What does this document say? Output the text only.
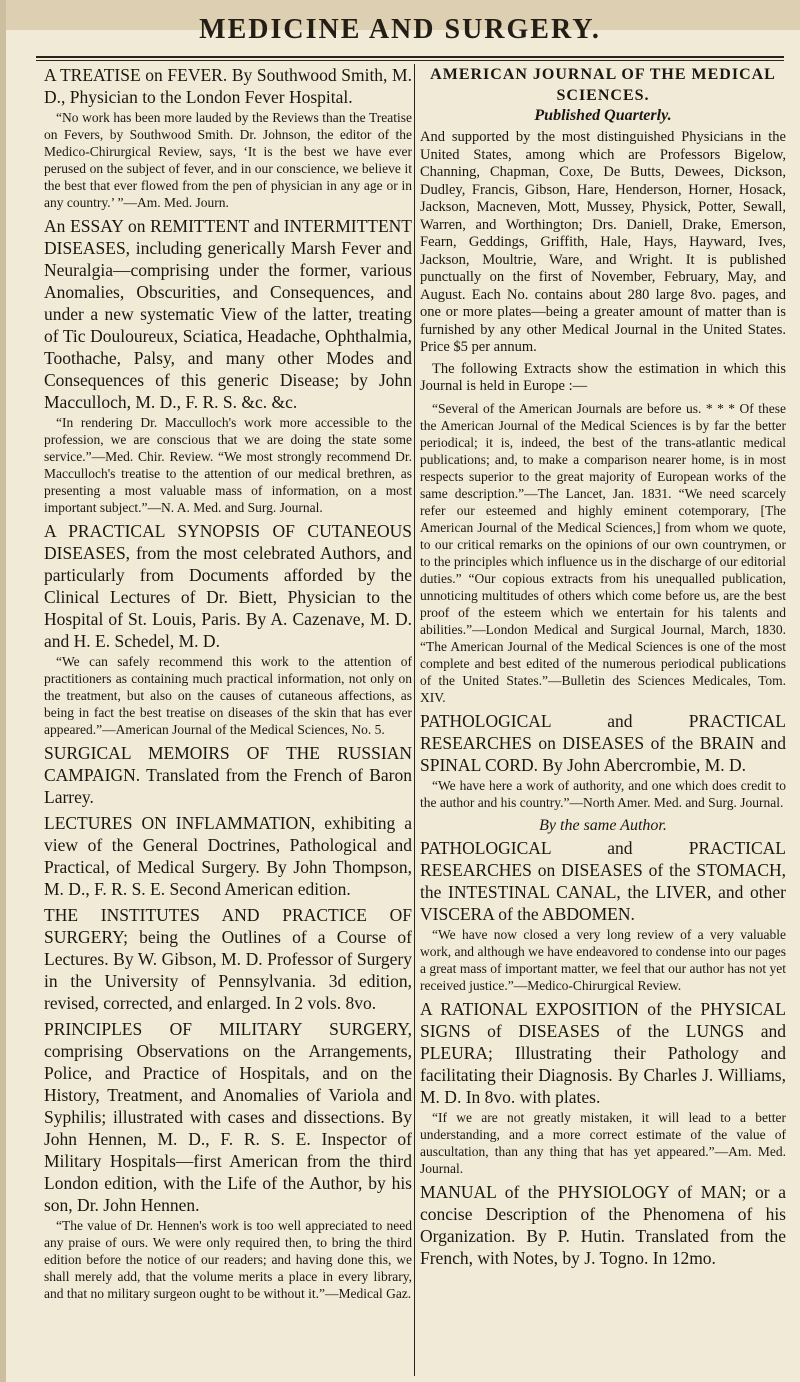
MEDICINE AND SURGERY.

A TREATISE on FEVER. By Southwood Smith, M. D., Physician to the London Fever Hospital.

“No work has been more lauded by the Reviews than the Treatise on Fevers, by Southwood Smith. Dr. Johnson, the editor of the Medico-Chirurgical Review, says, ‘It is the best we have ever perused on the subject of fever, and in our conscience, we believe it the best that ever flowed from the pen of physician in any age or in any country.’ ”—Am. Med. Journ.

An ESSAY on REMITTENT and INTERMITTENT DISEASES, including generically Marsh Fever and Neuralgia—comprising under the former, various Anomalies, Obscurities, and Consequences, and under a new systematic View of the latter, treating of Tic Douloureux, Sciatica, Headache, Ophthalmia, Toothache, Palsy, and many other Modes and Consequences of this generic Disease; by John Macculloch, M. D., F. R. S. &c. &c.

“In rendering Dr. Macculloch's work more accessible to the profession, we are conscious that we are doing the state some service.”—Med. Chir. Review. “We most strongly recommend Dr. Macculloch's treatise to the attention of our medical brethren, as presenting a most valuable mass of information, on a most important subject.”—N. A. Med. and Surg. Journal.

A PRACTICAL SYNOPSIS OF CUTANEOUS DISEASES, from the most celebrated Authors, and particularly from Documents afforded by the Clinical Lectures of Dr. Biett, Physician to the Hospital of St. Louis, Paris. By A. Cazenave, M. D. and H. E. Schedel, M. D.

“We can safely recommend this work to the attention of practitioners as containing much practical information, not only on the treatment, but also on the causes of cutaneous affections, as being in fact the best treatise on diseases of the skin that has ever appeared.”—American Journal of the Medical Sciences, No. 5.

SURGICAL MEMOIRS OF THE RUSSIAN CAMPAIGN. Translated from the French of Baron Larrey.

LECTURES ON INFLAMMATION, exhibiting a view of the General Doctrines, Pathological and Practical, of Medical Surgery. By John Thompson, M. D., F. R. S. E. Second American edition.

THE INSTITUTES AND PRACTICE OF SURGERY; being the Outlines of a Course of Lectures. By W. Gibson, M. D. Professor of Surgery in the University of Pennsylvania. 3d edition, revised, corrected, and enlarged. In 2 vols. 8vo.

PRINCIPLES OF MILITARY SURGERY, comprising Observations on the Arrangements, Police, and Practice of Hospitals, and on the History, Treatment, and Anomalies of Variola and Syphilis; illustrated with cases and dissections. By John Hennen, M. D., F. R. S. E. Inspector of Military Hospitals—first American from the third London edition, with the Life of the Author, by his son, Dr. John Hennen.

“The value of Dr. Hennen's work is too well appreciated to need any praise of ours. We were only required then, to bring the third edition before the notice of our readers; and having done this, we shall merely add, that the volume merits a place in every library, and that no military surgeon ought to be without it.”—Medical Gaz.

AMERICAN JOURNAL OF THE MEDICAL SCIENCES.

Published Quarterly.

And supported by the most distinguished Physicians in the United States, among which are Professors Bigelow, Channing, Chapman, Coxe, De Butts, Dewees, Dickson, Dudley, Francis, Gibson, Hare, Henderson, Horner, Hosack, Jackson, Macneven, Mott, Mussey, Physick, Potter, Sewall, Warren, and Worthington; Drs. Daniell, Drake, Emerson, Fearn, Geddings, Griffith, Hale, Hays, Hayward, Ives, Jackson, Moultrie, Ware, and Wright. It is published punctually on the first of November, February, May, and August. Each No. contains about 280 large 8vo. pages, and one or more plates—being a greater amount of matter than is furnished by any other Medical Journal in the United States. Price $5 per annum.

The following Extracts show the estimation in which this Journal is held in Europe :—

“Several of the American Journals are before us. * * * Of these the American Journal of the Medical Sciences is by far the better periodical; it is, indeed, the best of the trans-atlantic medical publications; and, to make a comparison nearer home, is in most respects superior to the great majority of European works of the same description.”—The Lancet, Jan. 1831. “We need scarcely refer our esteemed and highly eminent cotemporary, [The American Journal of the Medical Sciences,] from whom we quote, to our critical remarks on the opinions of our own countrymen, or to the principles which influence us in the discharge of our editorial duties.” “Our copious extracts from his unequalled publication, unnoticing multitudes of others which come before us, are the best proof of the esteem which we entertain for his talents and abilities.”—London Medical and Surgical Journal, March, 1830. “The American Journal of the Medical Sciences is one of the most complete and best edited of the numerous periodical publications of the United States.”—Bulletin des Sciences Medicales, Tom. XIV.

PATHOLOGICAL and PRACTICAL RESEARCHES on DISEASES of the BRAIN and SPINAL CORD. By John Abercrombie, M. D.

“We have here a work of authority, and one which does credit to the author and his country.”—North Amer. Med. and Surg. Journal.

By the same Author.

PATHOLOGICAL and PRACTICAL RESEARCHES on DISEASES of the STOMACH, the INTESTINAL CANAL, the LIVER, and other VISCERA of the ABDOMEN.

“We have now closed a very long review of a very valuable work, and although we have endeavored to condense into our pages a great mass of important matter, we feel that our author has not yet received justice.”—Medico-Chirurgical Review.

A RATIONAL EXPOSITION of the PHYSICAL SIGNS of DISEASES of the LUNGS and PLEURA; Illustrating their Pathology and facilitating their Diagnosis. By Charles J. Williams, M. D. In 8vo. with plates.

“If we are not greatly mistaken, it will lead to a better understanding, and a more correct estimate of the value of auscultation, than any thing that has yet appeared.”—Am. Med. Journal.

MANUAL of the PHYSIOLOGY of MAN; or a concise Description of the Phenomena of his Organization. By P. Hutin. Translated from the French, with Notes, by J. Togno. In 12mo.
